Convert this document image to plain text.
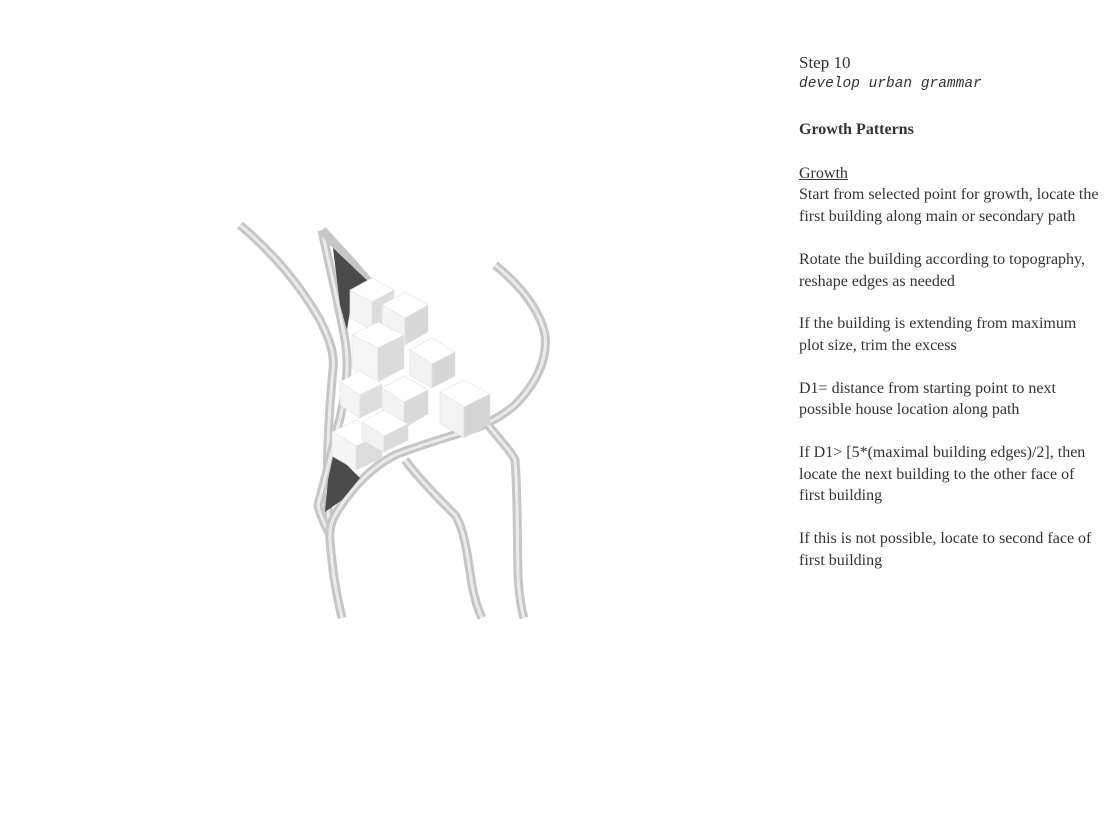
Step 10
develop urban grammar
Growth Patterns
Growth
Start from selected point for growth, locate the first building along main or secondary path
Rotate the building according to topography, reshape edges as needed
If the building is extending from maximum plot size, trim the excess
D1= distance from starting point to next possible house location along path
If D1> [5*(maximal building edges)/2], then locate the next building to the other face of first building
If this is not possible, locate to second face of first building
